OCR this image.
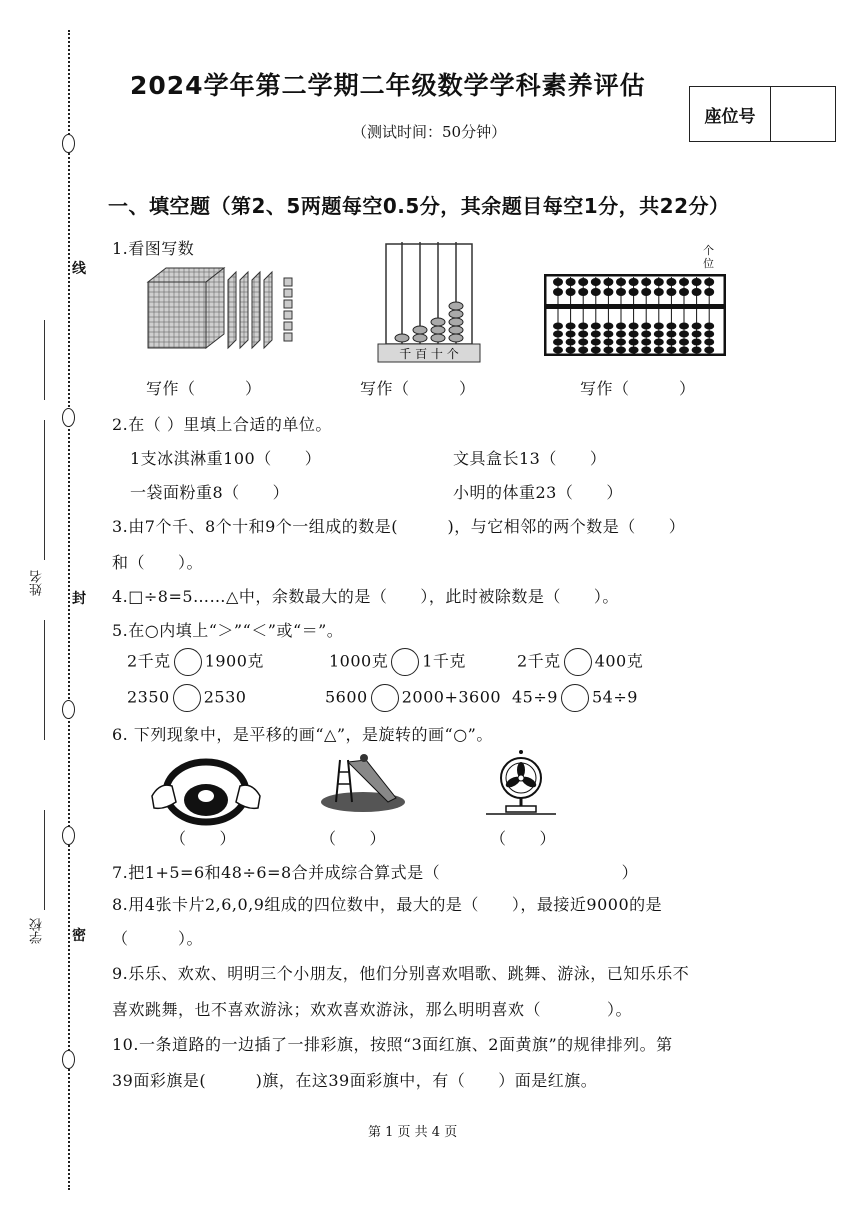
线
封
密
姓名
学校
2024学年第二学期二年级数学学科素养评估
（测试时间：50分钟）
座位号
一、填空题（第2、5两题每空0.5分，其余题目每空1分，共22分）
1.看图写数
千 百 十 个
个
位
写作（　　　）	写作（　　　）	写作（　　　）
2.在（ ）里填上合适的单位。
1支冰淇淋重100（　　）	文具盒长13（　　）
一袋面粉重8（　　）	小明的体重23（　　）
3.由7个千、8个十和9个一组成的数是(　　　)，与它相邻的两个数是（　　）
和（　　）。
4.□÷8=5……△中，余数最大的是（　　），此时被除数是（　　）。
5.在○内填上“＞”“＜”或“＝”。
2千克 1900克	1000克 1千克	2千克 400克
2350 2530	5600 2000+3600 45÷9 54÷9
6. 下列现象中，是平移的画“△”，是旋转的画“○”。
（　　）	（　　）	（　　）
7.把1+5=6和48÷6=8合并成综合算式是（　　　　　　　　　　　）
8.用4张卡片2,6,0,9组成的四位数中，最大的是（　　），最接近9000的是
（　　　）。
9.乐乐、欢欢、明明三个小朋友，他们分别喜欢唱歌、跳舞、游泳，已知乐乐不
喜欢跳舞，也不喜欢游泳；欢欢喜欢游泳，那么明明喜欢（　　　　）。
10.一条道路的一边插了一排彩旗，按照“3面红旗、2面黄旗”的规律排列。第
39面彩旗是(　　　)旗，在这39面彩旗中，有（　　）面是红旗。
第 1 页 共 4 页
